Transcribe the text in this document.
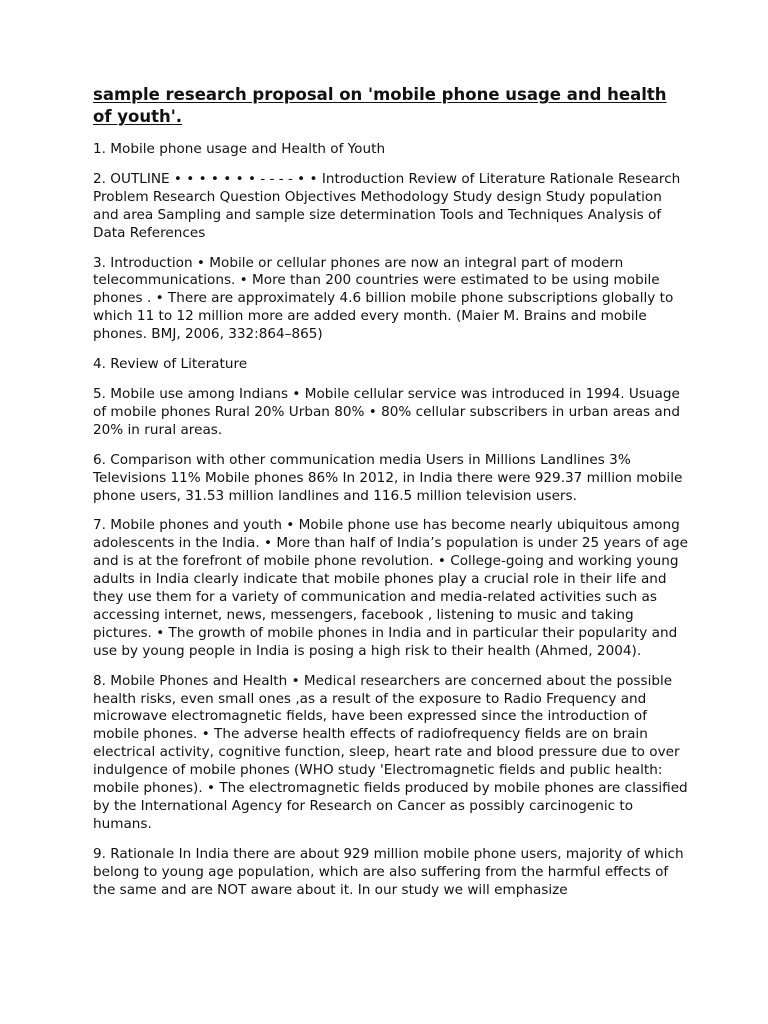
sample research proposal on 'mobile phone usage and health of youth'.

1. Mobile phone usage and Health of Youth

2. OUTLINE • • • • • • • ‑ ‑ ‑ ‑ • • Introduction Review of Literature Rationale Research Problem Research Question Objectives Methodology Study design Study population and area Sampling and sample size determination Tools and Techniques Analysis of Data References

3. Introduction • Mobile or cellular phones are now an integral part of modern telecommunications. • More than 200 countries were estimated to be using mobile phones . • There are approximately 4.6 billion mobile phone subscriptions globally to which 11 to 12 million more are added every month. (Maier M. Brains and mobile phones. BMJ, 2006, 332:864–865)

4. Review of Literature

5. Mobile use among Indians • Mobile cellular service was introduced in 1994. Usuage of mobile phones Rural 20% Urban 80% • 80% cellular subscribers in urban areas and 20% in rural areas.

6. Comparison with other communication media Users in Millions Landlines 3% Televisions 11% Mobile phones 86% In 2012, in India there were 929.37 million mobile phone users, 31.53 million landlines and 116.5 million television users.

7. Mobile phones and youth • Mobile phone use has become nearly ubiquitous among adolescents in the India. • More than half of India’s population is under 25 years of age and is at the forefront of mobile phone revolution. • College-going and working young adults in India clearly indicate that mobile phones play a crucial role in their life and they use them for a variety of communication and media-related activities such as accessing internet, news, messengers, facebook , listening to music and taking pictures. • The growth of mobile phones in India and in particular their popularity and use by young people in India is posing a high risk to their health (Ahmed, 2004).

8. Mobile Phones and Health • Medical researchers are concerned about the possible health risks, even small ones ,as a result of the exposure to Radio Frequency and microwave electromagnetic fields, have been expressed since the introduction of mobile phones. • The adverse health effects of radiofrequency fields are on brain electrical activity, cognitive function, sleep, heart rate and blood pressure due to over indulgence of mobile phones (WHO study 'Electromagnetic fields and public health: mobile phones). • The electromagnetic fields produced by mobile phones are classified by the International Agency for Research on Cancer as possibly carcinogenic to humans.

9. Rationale In India there are about 929 million mobile phone users, majority of which belong to young age population, which are also suffering from the harmful effects of the same and are NOT aware about it. In our study we will emphasize
